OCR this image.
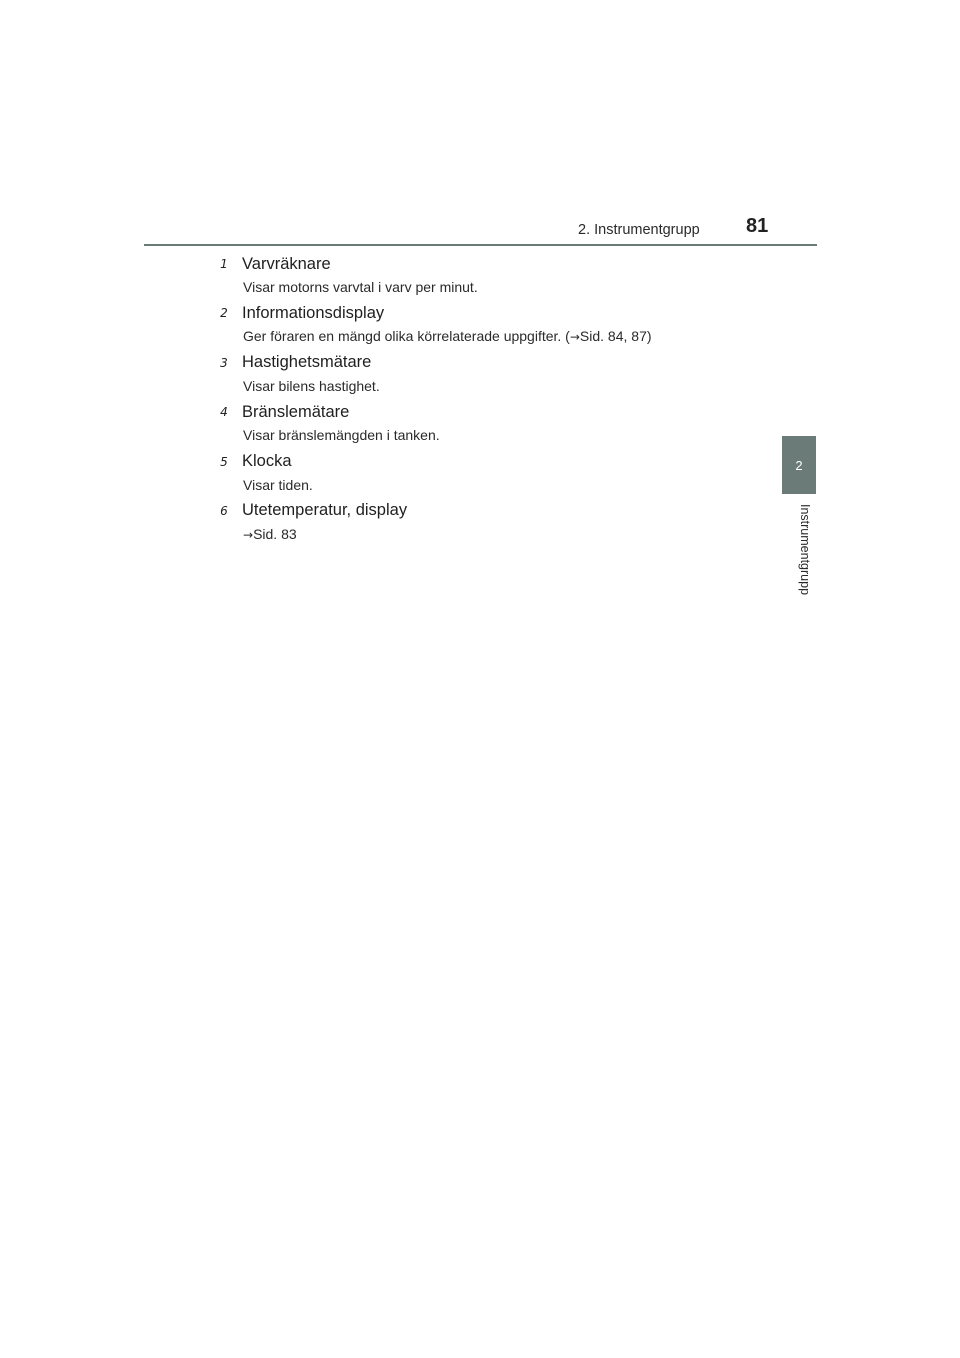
2. Instrumentgrupp 81
2
Instrumentgrupp
1 Varvräknare
Visar motorns varvtal i varv per minut.
2 Informationsdisplay
Ger föraren en mängd olika körrelaterade uppgifter. (→Sid. 84, 87)
3 Hastighetsmätare
Visar bilens hastighet.
4 Bränslemätare
Visar bränslemängden i tanken.
5 Klocka
Visar tiden.
6 Utetemperatur, display
→Sid. 83
